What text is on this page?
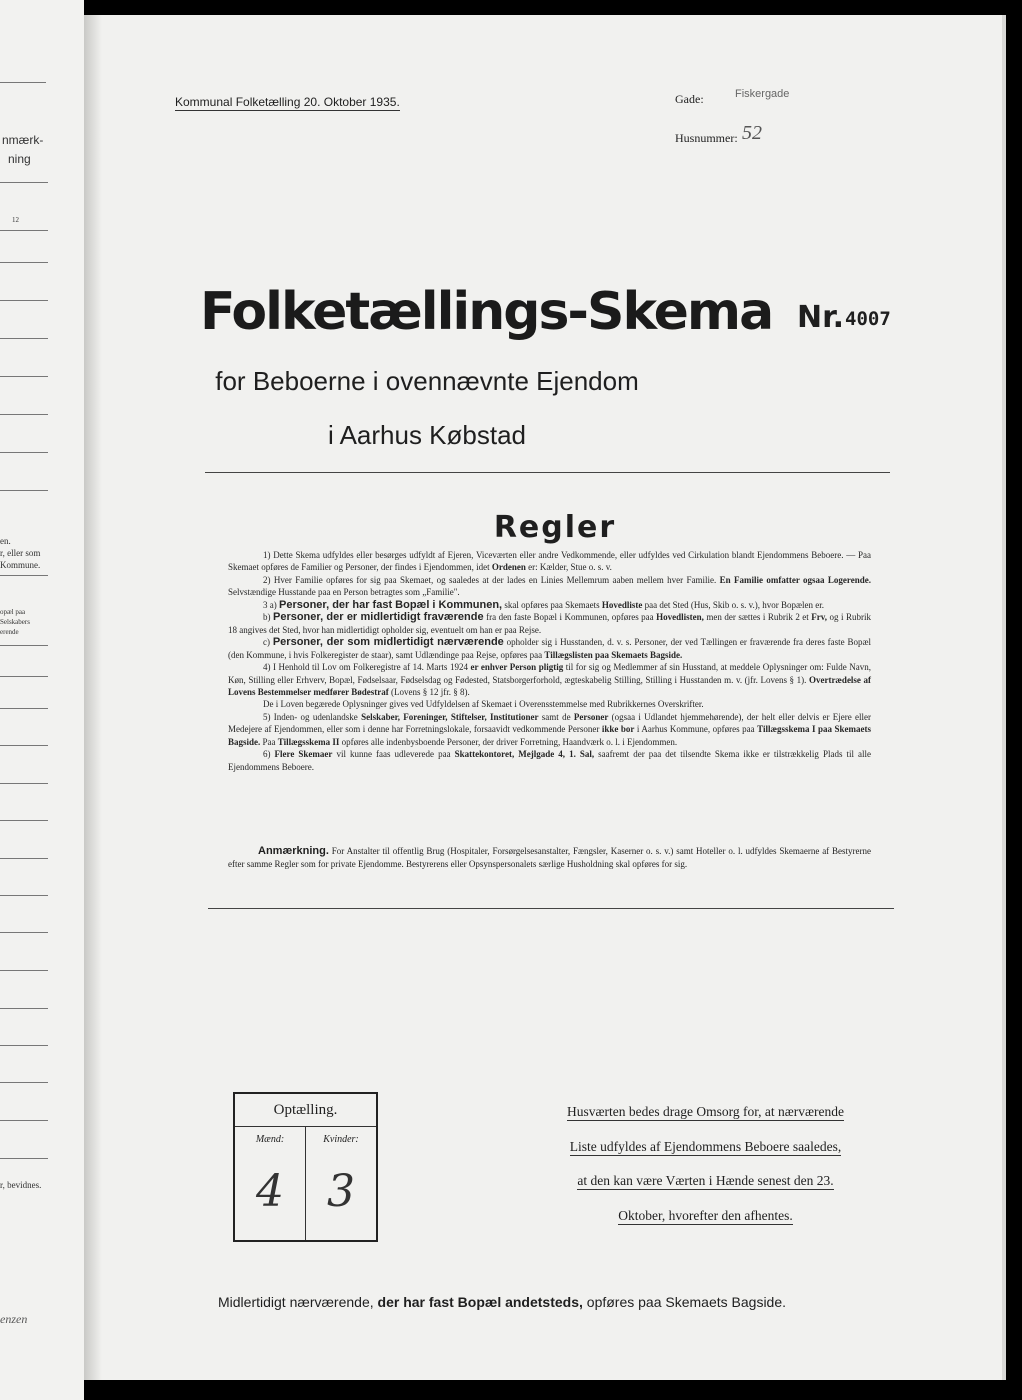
nmærk-
ning
12
en.
r, eller som
Kommune.
opæl paa
Selskabers
erende
r, bevidnes.
enzen
Kommunal Folketælling 20. Oktober 1935.	Gade:	Fiskergade
Husnummer: 52
Folketællings-Skema Nr. 4007
for Beboerne i ovennævnte Ejendom
i Aarhus Købstad
Regler

1) Dette Skema udfyldes eller besørges udfyldt af Ejeren, Viceværten eller andre Vedkommende, eller udfyldes ved Cirkulation blandt Ejendommens Beboere. — Paa Skemaet opføres de Familier og Personer, der findes i Ejendommen, idet Ordenen er: Kælder, Stue o. s. v.

2) Hver Familie opføres for sig paa Skemaet, og saaledes at der lades en Linies Mellemrum aaben mellem hver Familie. En Familie omfatter ogsaa Logerende. Selvstændige Husstande paa en Person betragtes som „Familie".

3 a) Personer, der har fast Bopæl i Kommunen, skal opføres paa Skemaets Hovedliste paa det Sted (Hus, Skib o. s. v.), hvor Bopælen er.

b) Personer, der er midlertidigt fraværende fra den faste Bopæl i Kommunen, opføres paa Hovedlisten, men der sættes i Rubrik 2 et Frv, og i Rubrik 18 angives det Sted, hvor han midlertidigt opholder sig, eventuelt om han er paa Rejse.

c) Personer, der som midlertidigt nærværende opholder sig i Husstanden, d. v. s. Personer, der ved Tællingen er fraværende fra deres faste Bopæl (den Kommune, i hvis Folkeregister de staar), samt Udlændinge paa Rejse, opføres paa Tillægslisten paa Skemaets Bagside.

4) I Henhold til Lov om Folkeregistre af 14. Marts 1924 er enhver Person pligtig til for sig og Medlemmer af sin Husstand, at meddele Oplysninger om: Fulde Navn, Køn, Stilling eller Erhverv, Bopæl, Fødselsaar, Fødselsdag og Fødested, Statsborgerforhold, ægteskabelig Stilling, Stilling i Husstanden m. v. (jfr. Lovens § 1). Overtrædelse af Lovens Bestemmelser medfører Bødestraf (Lovens § 12 jfr. § 8).

De i Loven begærede Oplysninger gives ved Udfyldelsen af Skemaet i Overensstemmelse med Rubrikkernes Overskrifter.

5) Inden- og udenlandske Selskaber, Foreninger, Stiftelser, Institutioner samt de Personer (ogsaa i Udlandet hjemmehørende), der helt eller delvis er Ejere eller Medejere af Ejendommen, eller som i denne har Forretningslokale, forsaavidt vedkommende Personer ikke bor i Aarhus Kommune, opføres paa Tillægsskema I paa Skemaets Bagside. Paa Tillægsskema II opføres alle indenbysboende Personer, der driver Forretning, Haandværk o. l. i Ejendommen.

6) Flere Skemaer vil kunne faas udleverede paa Skattekontoret, Mejlgade 4, 1. Sal, saafremt der paa det tilsendte Skema ikke er tilstrækkelig Plads til alle Ejendommens Beboere.

Anmærkning. For Anstalter til offentlig Brug (Hospitaler, Forsørgelsesanstalter, Fængsler, Kaserner o. s. v.) samt Hoteller o. l. udfyldes Skemaerne af Bestyrerne efter samme Regler som for private Ejendomme. Bestyrerens eller Opsynspersonalets særlige Husholdning skal opføres for sig.
Optælling.
Mænd:	Kvinder:
4 3
Husværten bedes drage Omsorg for, at nærværende
Liste udfyldes af Ejendommens Beboere saaledes,
at den kan være Værten i Hænde senest den 23.
Oktober, hvorefter den afhentes.
Midlertidigt nærværende, der har fast Bopæl andetsteds, opføres paa Skemaets Bagside.
